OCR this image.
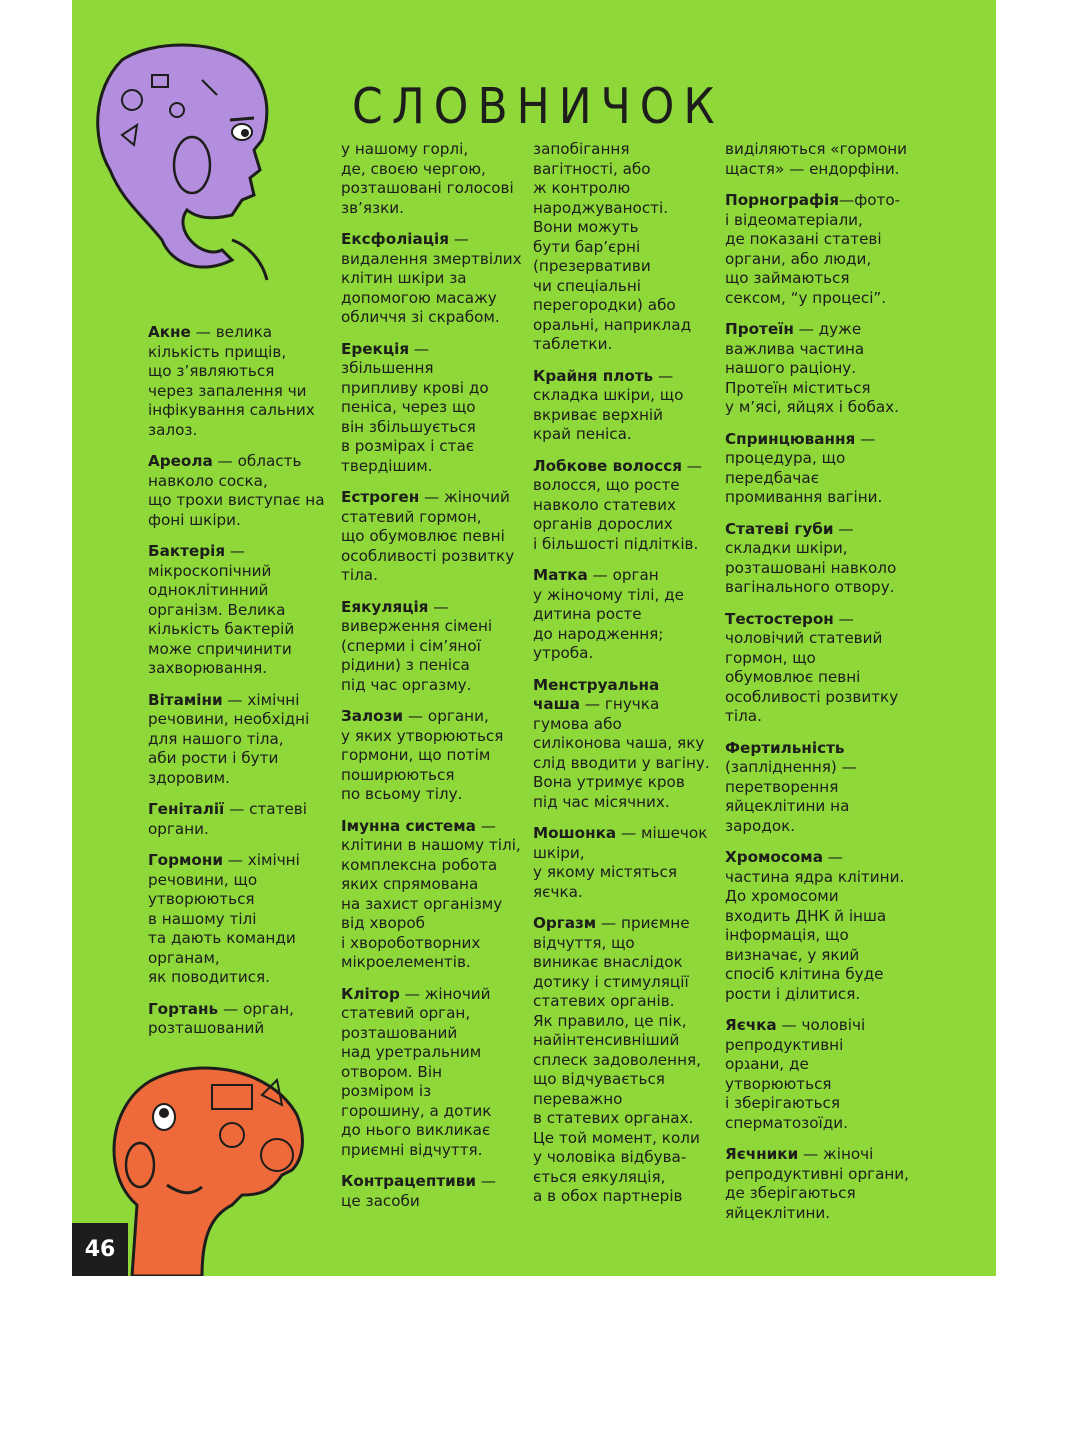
СЛОВНИЧОК
Акне — велика
кількість прищів,
що з’являються
через запалення чи
інфікування сальних
залоз.
Ареола — область
навколо соска,
що трохи виступає на
фоні шкіри.
Бактерія —
мікроскопічний
одноклітинний
організм. Велика
кількість бактерій
може спричинити
захворювання.
Вітаміни — хімічні
речовини, необхідні
для нашого тіла,
аби рости і бути
здоровим.
Геніталії — статеві
органи.
Гормони — хімічні
речовини, що
утворюються
в нашому тілі
та дають команди
органам,
як поводитися.
Гортань — орган,
розташований
у нашому горлі,
де, своєю чергою,
розташовані голосові
зв’язки.
Ексфоліація —
видалення змертвілих
клітин шкіри за
допомогою масажу
обличчя зі скрабом.
Ерекція —
збільшення
припливу крові до
пеніса, через що
він збільшується
в розмірах і стає
твердішим.
Естроген — жіночий
статевий гормон,
що обумовлює певні
особливості розвитку
тіла.
Еякуляція —
виверження сімені
(сперми і сім’яної
рідини) з пеніса
під час оргазму.
Залози — органи,
у яких утворюються
гормони, що потім
поширюються
по всьому тілу.
Імунна система —
клітини в нашому тілі,
комплексна робота
яких спрямована
на захист організму
від хвороб
і хвороботворних
мікроелементів.
Клітор — жіночий
статевий орган,
розташований
над уретральним
отвором. Він
розміром із
горошину, а дотик
до нього викликає
приємні відчуття.
Контрацептиви —
це засоби
запобігання
вагітності, або
ж контролю
народжуваності.
Вони можуть
бути бар’єрні
(презервативи
чи спеціальні
перегородки) або
оральні, наприклад
таблетки.
Крайня плоть —
складка шкіри, що
вкриває верхній
край пеніса.
Лобкове волосся —
волосся, що росте
навколо статевих
органів дорослих
і більшості підлітків.
Матка — орган
у жіночому тілі, де
дитина росте
до народження;
утроба.
Менструальна
чаша — гнучка
гумова або
силіконова чаша, яку
слід вводити у вагіну.
Вона утримує кров
під час місячних.
Мошонка — мішечок
шкіри,
у якому містяться
яєчка.
Оргазм — приємне
відчуття, що
виникає внаслідок
дотику і стимуляції
статевих органів.
Як правило, це пік,
найінтенсивніший
сплеск задоволення,
що відчувається
переважно
в статевих органах.
Це той момент, коли
у чоловіка відбува-
ється еякуляція,
а в обох партнерів
виділяються «гормони
щастя» — ендорфіни.
Порнографія—фото-
і відеоматеріали,
де показані статеві
органи, або люди,
що займаються
сексом, “у процесі”.
Протеїн — дуже
важлива частина
нашого раціону.
Протеїн міститься
у м’ясі, яйцях і бобах.
Спринцювання —
процедура, що
передбачає
промивання вагіни.
Статеві губи —
складки шкіри,
розташовані навколо
вагінального отвору.
Тестостерон —
чоловічий статевий
гормон, що
обумовлює певні
особливості розвитку
тіла.
Фертильність
(запліднення) —
перетворення
яйцеклітини на
зародок.
Хромосома —
частина ядра клітини.
До хромосоми
входить ДНК й інша
інформація, що
визначає, у який
спосіб клітина буде
рости і ділитися.
Яєчка — чоловічі
репродуктивні
орגани, де
утворюються
і зберігаються
сперматозоїди.
Яєчники — жіночі
репродуктивні органи,
де зберігаються
яйцеклітини.
46
